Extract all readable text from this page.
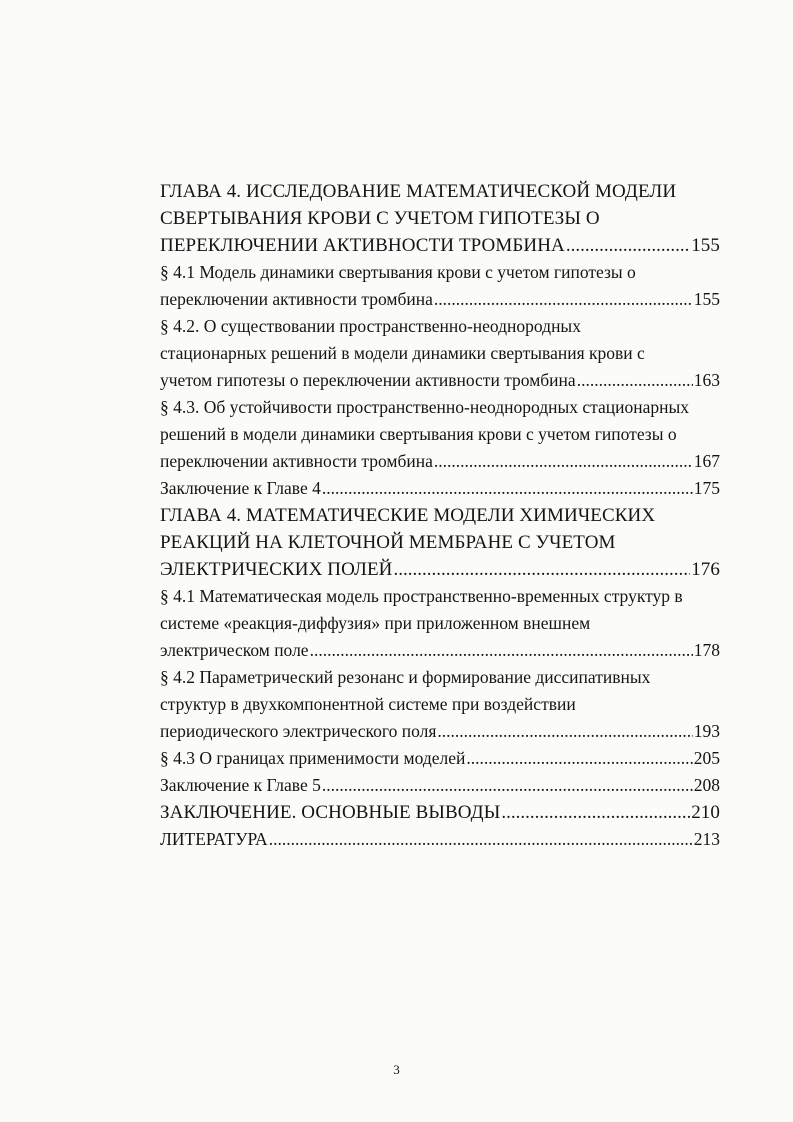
ГЛАВА 4. ИССЛЕДОВАНИЕ МАТЕМАТИЧЕСКОЙ МОДЕЛИ
СВЕРТЫВАНИЯ КРОВИ С УЧЕТОМ ГИПОТЕЗЫ О
ПЕРЕКЛЮЧЕНИИ АКТИВНОСТИ ТРОМБИНА .....	155
§ 4.1 Модель динамики свертывания крови с учетом гипотезы о
переключении активности тромбина .....	155
§ 4.2. О существовании пространственно-неоднородных
стационарных решений в модели динамики свертывания крови с
учетом гипотезы о переключении активности тромбина .....	163
§ 4.3. Об устойчивости пространственно-неоднородных стационарных
решений в модели динамики свертывания крови с учетом гипотезы о
переключении активности тромбина .....	167
Заключение к Главе 4 .....	175
ГЛАВА 4. МАТЕМАТИЧЕСКИЕ МОДЕЛИ ХИМИЧЕСКИХ
РЕАКЦИЙ НА КЛЕТОЧНОЙ МЕМБРАНЕ С УЧЕТОМ
ЭЛЕКТРИЧЕСКИХ ПОЛЕЙ .....	176
§ 4.1 Математическая модель пространственно-временных структур в
системе «реакция-диффузия» при приложенном внешнем
электрическом поле .....	178
§ 4.2 Параметрический резонанс и формирование диссипативных
структур в двухкомпонентной системе при воздействии
периодического электрического поля .....	193
§ 4.3 О границах применимости моделей .....	205
Заключение к Главе 5 .....	208
ЗАКЛЮЧЕНИЕ. ОСНОВНЫЕ ВЫВОДЫ .....	210
ЛИТЕРАТУРА .....	213
3
